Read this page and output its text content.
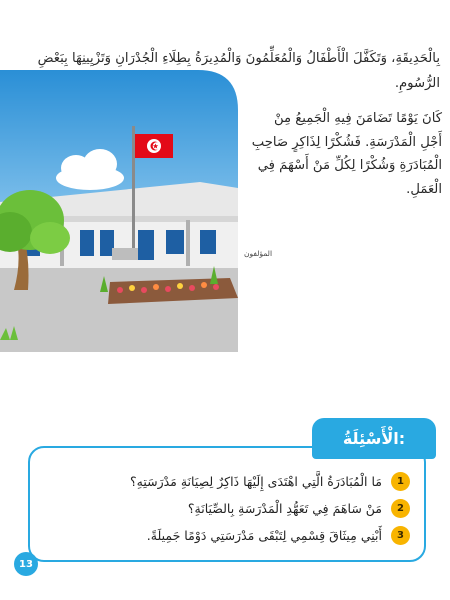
بِالْحَدِيقَةِ، وَتَكَفَّلَ الْأَطْفَالُ وَالْمُعَلِّمُونَ وَالْمُدِيرَةُ بِطِلَاءِ الْجُدْرَانِ وَتَزْيِينِهَا بِبَعْضِ
الرُّسُومِ.
كَانَ يَوْمًا تَضَامَنَ فِيهِ الْجَمِيعُ مِنْ
أَجْلِ الْمَدْرَسَةِ. فَشُكْرًا لِذَاكِرٍ صَاحِبِ
الْمُبَادَرَةِ وَشُكْرًا لِكُلِّ مَنْ أَسْهَمَ فِي
الْعَمَلِ.
المؤلفون
1
مَا الْمُبَادَرَةُ الَّتِي اهْتَدَى إِلَيْهَا ذَاكِرٌ لِصِيَانَةِ مَدْرَسَتِهِ؟
2
مَنْ سَاهَمَ فِي تَعَهُّدِ الْمَدْرَسَةِ بِالصِّيَانَةِ؟
3
أَبْنِي مِيثَاقَ قِسْمِي لِتَبْقَى مَدْرَسَتِي دَوْمًا جَمِيلَةً.
الْأَسْئِلَةُ:
13
